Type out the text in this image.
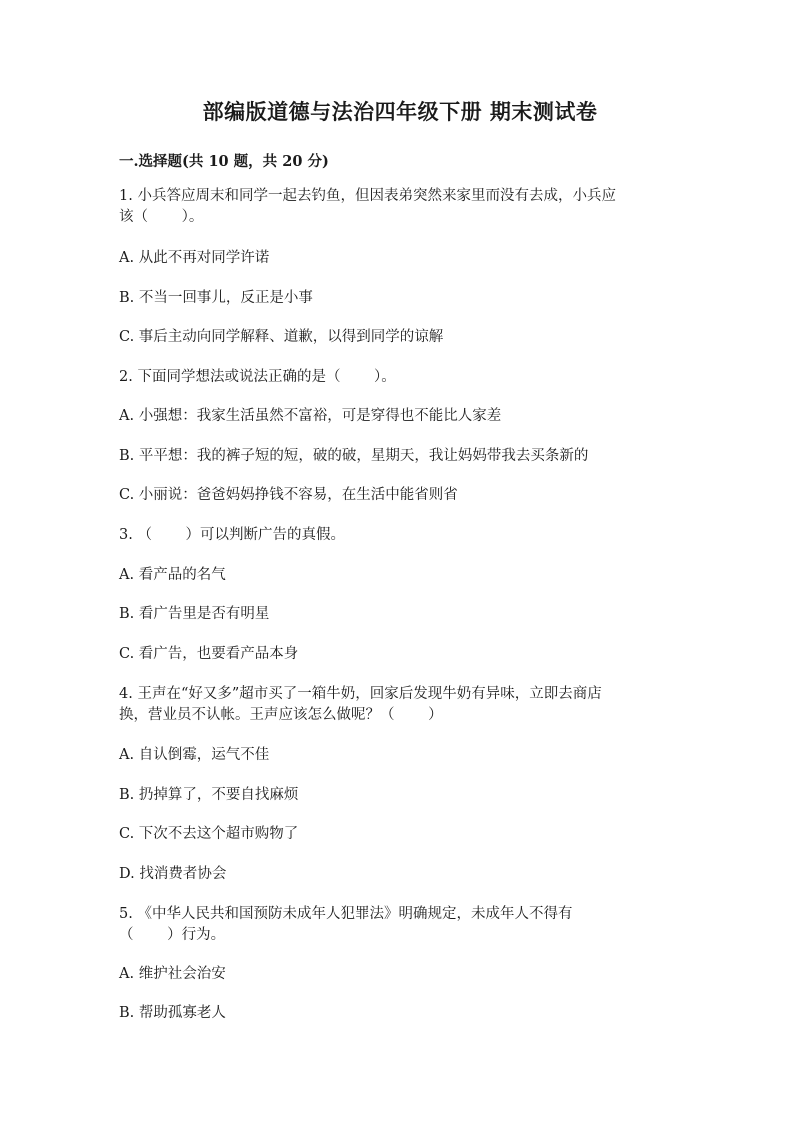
部编版道德与法治四年级下册 期末测试卷
一.选择题(共 10 题，共 20 分)
1. 小兵答应周末和同学一起去钓鱼，但因表弟突然来家里而没有去成，小兵应
该（　　 ）。
A. 从此不再对同学许诺
B. 不当一回事儿，反正是小事
C. 事后主动向同学解释、道歉，以得到同学的谅解
2. 下面同学想法或说法正确的是（　　 ）。
A. 小强想：我家生活虽然不富裕，可是穿得也不能比人家差
B. 平平想：我的裤子短的短，破的破，星期天，我让妈妈带我去买条新的
C. 小丽说：爸爸妈妈挣钱不容易，在生活中能省则省
3. （　　 ）可以判断广告的真假。
A. 看产品的名气
B. 看广告里是否有明星
C. 看广告，也要看产品本身
4. 王声在“好又多”超市买了一箱牛奶，回家后发现牛奶有异味，立即去商店
换，营业员不认帐。王声应该怎么做呢？（　　 ）
A. 自认倒霉，运气不佳
B. 扔掉算了，不要自找麻烦
C. 下次不去这个超市购物了
D. 找消费者协会
5. 《中华人民共和国预防未成年人犯罪法》明确规定，未成年人不得有
（　　 ）行为。
A. 维护社会治安
B. 帮助孤寡老人
